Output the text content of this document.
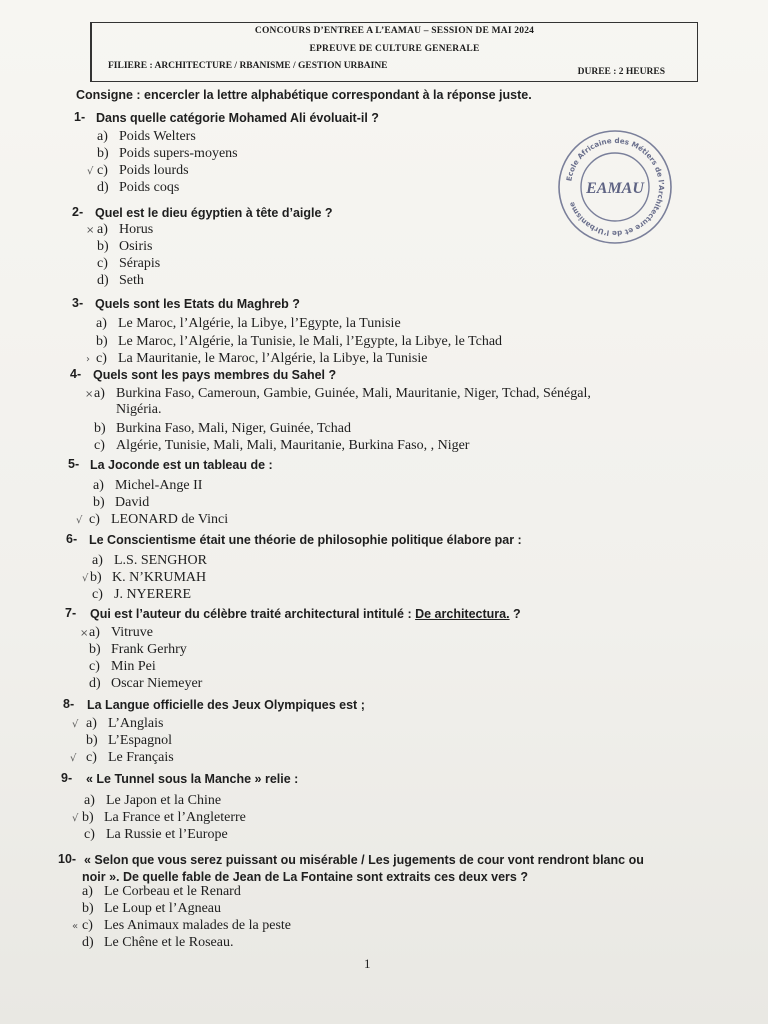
CONCOURS D’ENTREE A L’EAMAU – SESSION DE MAI 2024
EPREUVE DE CULTURE GENERALE
FILIERE : ARCHITECTURE / RBANISME / GESTION URBAINE
DUREE : 2 HEURES
Consigne : encercler la lettre alphabétique correspondant à la réponse juste.
Ecole Africaine des Métiers de l’Architecture et de l’Urbanisme
EAMAU
1- Dans quelle catégorie Mohamed Ali évoluait-il ?
a) Poids Welters
b) Poids supers-moyens
√ c) Poids lourds
d) Poids coqs
2- Quel est le dieu égyptien à tête d’aigle ?
× a) Horus
b) Osiris
c) Sérapis
d) Seth
3- Quels sont les Etats du Maghreb ?
a) Le Maroc, l’Algérie, la Libye, l’Egypte, la Tunisie
b) Le Maroc, l’Algérie, la Tunisie, le Mali, l’Egypte, la Libye, le Tchad
› c) La Mauritanie, le Maroc, l’Algérie, la Libye, la Tunisie
4- Quels sont les pays membres du Sahel ?
× a) Burkina Faso, Cameroun, Gambie, Guinée, Mali, Mauritanie, Niger, Tchad, Sénégal,
Nigéria.
b) Burkina Faso, Mali, Niger, Guinée, Tchad
c) Algérie, Tunisie, Mali, Mali, Mauritanie, Burkina Faso, , Niger
5- La Joconde est un tableau de :
a) Michel-Ange II
b) David
√ c) LEONARD de Vinci
6- Le Conscientisme était une théorie de philosophie politique élabore par :
a) L.S. SENGHOR
√ b) K. N’KRUMAH
c) J. NYERERE
7- Qui est l’auteur du célèbre traité architectural intitulé : De architectura. ?
× a) Vitruve
b) Frank Gerhry
c) Min Pei
d) Oscar Niemeyer
8- La Langue officielle des Jeux Olympiques est ;
√ a) L’Anglais
b) L’Espagnol
√ c) Le Français
9- « Le Tunnel sous la Manche » relie :
a) Le Japon et la Chine
√ b) La France et l’Angleterre
c) La Russie et l’Europe
10- « Selon que vous serez puissant ou misérable / Les jugements de cour vont rendront blanc ou
noir ». De quelle fable de Jean de La Fontaine sont extraits ces deux vers ?
a) Le Corbeau et le Renard
b) Le Loup et l’Agneau
« c) Les Animaux malades de la peste
d) Le Chêne et le Roseau.
1
